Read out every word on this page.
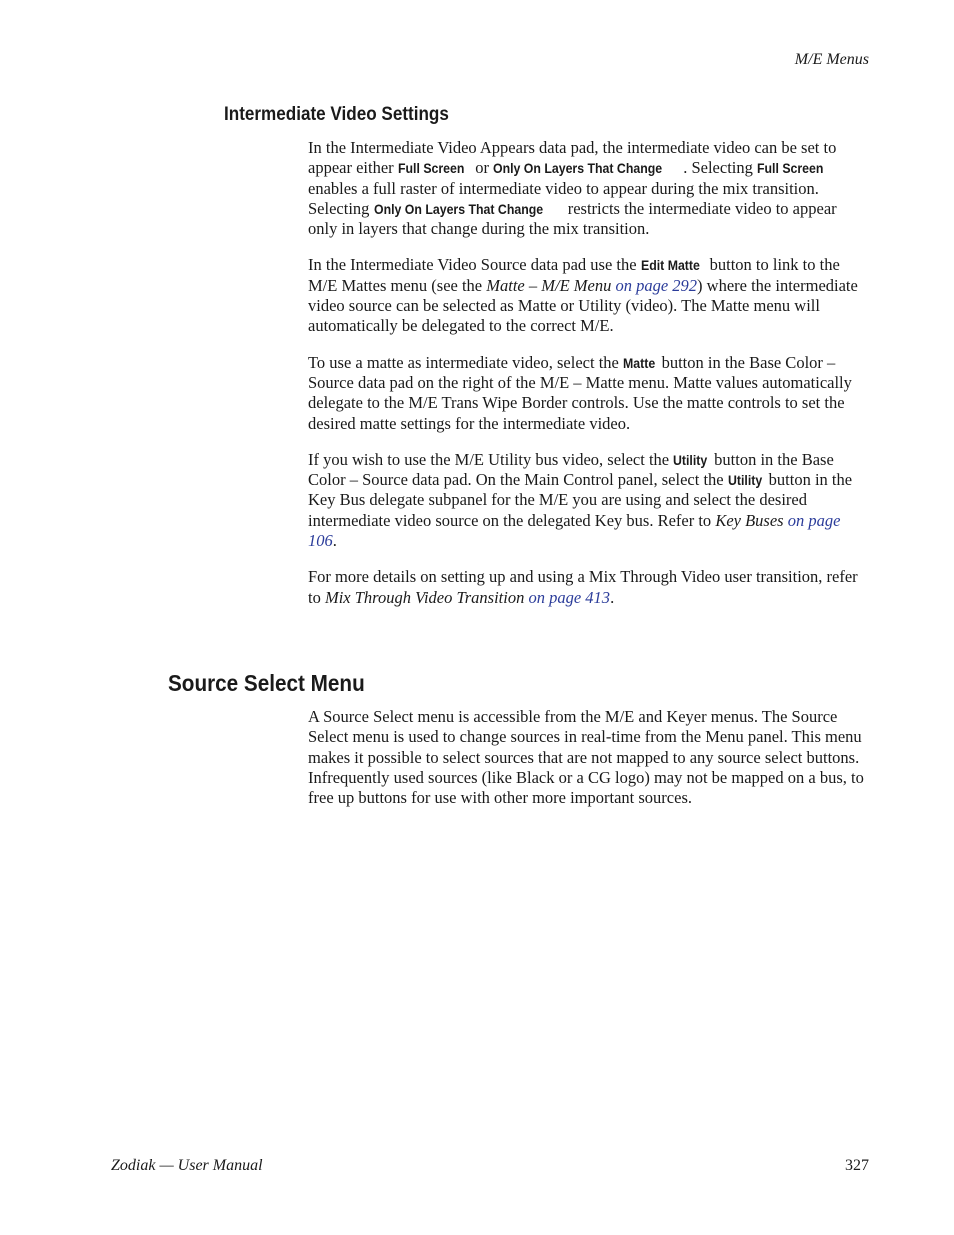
M/E Menus
Intermediate Video Settings

In the Intermediate Video Appears data pad, the intermediate video can be set to appear either Full Screen or Only On Layers That Change . Selecting Full Screen enables a full raster of intermediate video to appear during the mix transition. Selecting Only On Layers That Change restricts the intermediate video to appear only in layers that change during the mix transition.

In the Intermediate Video Source data pad use the Edit Matte button to link to the M/E Mattes menu (see the Matte – M/E Menu on page 292) where the intermediate video source can be selected as Matte or Utility (video). The Matte menu will automatically be delegated to the correct M/E.

To use a matte as intermediate video, select the Matte button in the Base Color – Source data pad on the right of the M/E – Matte menu. Matte values automatically delegate to the M/E Trans Wipe Border controls. Use the matte controls to set the desired matte settings for the intermediate video.

If you wish to use the M/E Utility bus video, select the Utility button in the Base Color – Source data pad. On the Main Control panel, select the Utility button in the Key Bus delegate subpanel for the M/E you are using and select the desired intermediate video source on the delegated Key bus. Refer to Key Buses on page 106.

For more details on setting up and using a Mix Through Video user transition, refer to Mix Through Video Transition on page 413.

Source Select Menu

A Source Select menu is accessible from the M/E and Keyer menus. The Source Select menu is used to change sources in real-time from the Menu panel. This menu makes it possible to select sources that are not mapped to any source select buttons. Infrequently used sources (like Black or a CG logo) may not be mapped on a bus, to free up buttons for use with other more important sources.

Zodiak — User Manual	327
